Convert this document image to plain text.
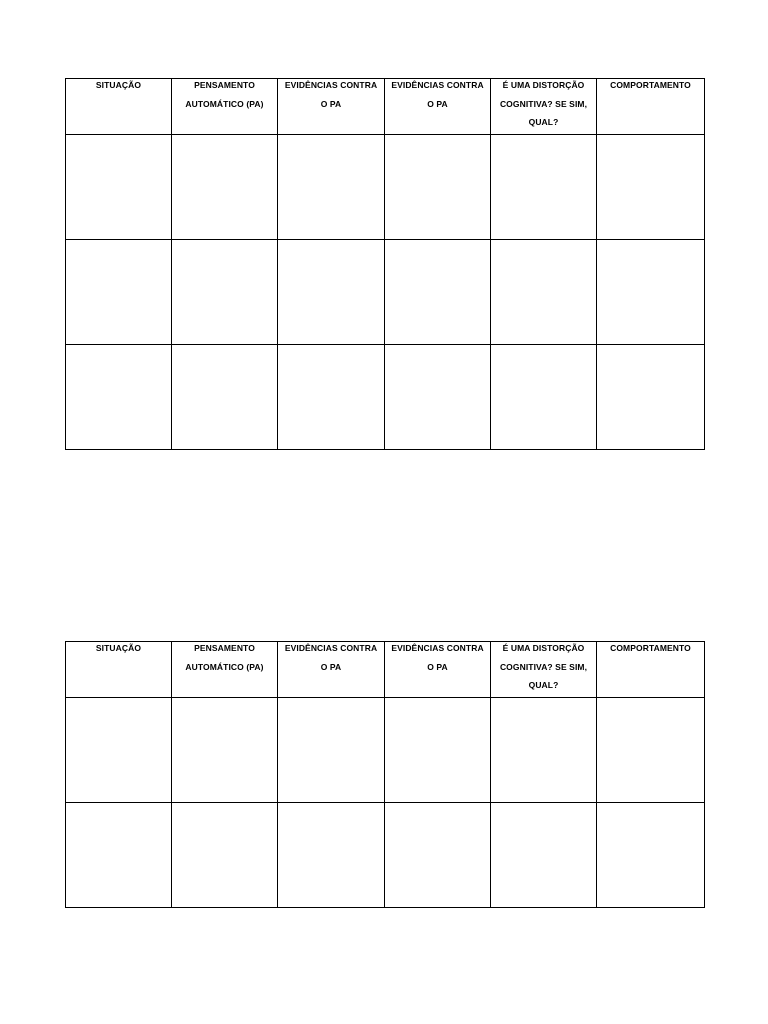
SITUAÇÃO	PENSAMENTO AUTOMÁTICO (PA)	EVIDÊNCIAS CONTRA O PA	EVIDÊNCIAS CONTRA O PA	É UMA DISTORÇÃO COGNITIVA? SE SIM, QUAL?	COMPORTAMENTO

SITUAÇÃO	PENSAMENTO AUTOMÁTICO (PA)	EVIDÊNCIAS CONTRA O PA	EVIDÊNCIAS CONTRA O PA	É UMA DISTORÇÃO COGNITIVA? SE SIM, QUAL?	COMPORTAMENTO
